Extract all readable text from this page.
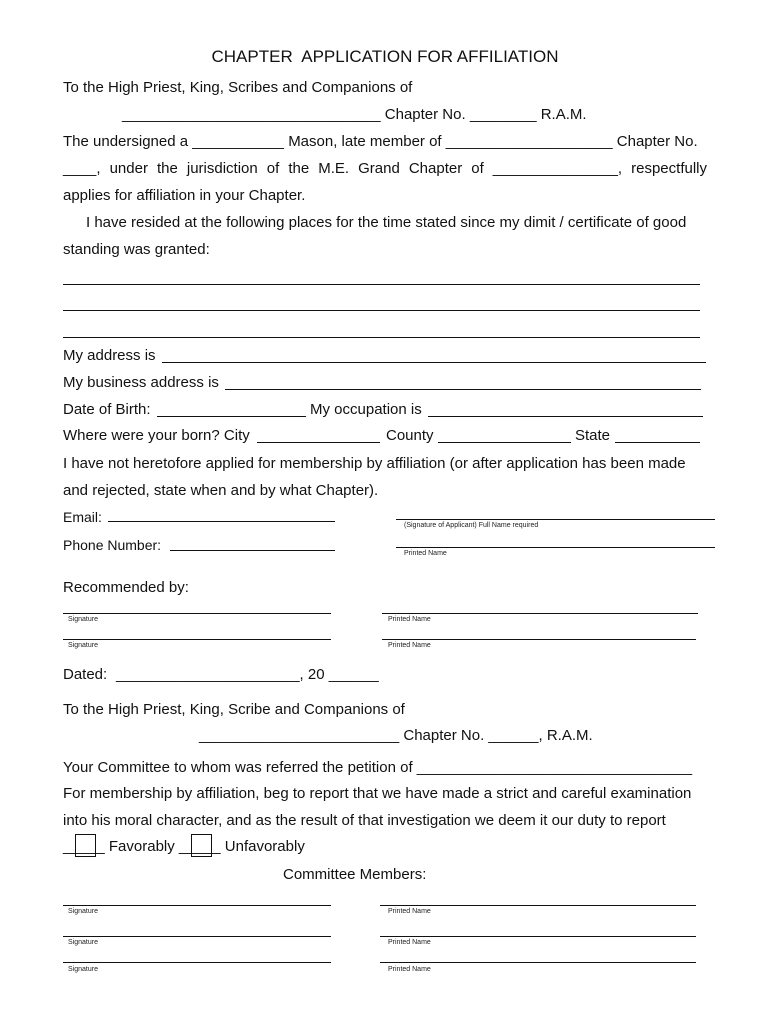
CHAPTER  APPLICATION FOR AFFILIATION
To the High Priest, King, Scribes and Companions of
_______________________________ Chapter No. ________ R.A.M.
The undersigned a ___________ Mason, late member of ____________________ Chapter No.
____, under the jurisdiction of the M.E. Grand Chapter of _______________, respectfully
applies for affiliation in your Chapter.
I have resided at the following places for the time stated since my dimit / certificate of good
standing was granted:
My address is
My business address is
Date of Birth:	My occupation is
Where were your born? City	County	State
I have not heretofore applied for membership by affiliation (or after application has been made
and rejected, state when and by what Chapter).
Email:
Phone Number:
(Signature of Applicant) Full Name required
Printed Name
Recommended by:
Signature	Printed Name
Signature	Printed Name
Dated: ______________________, 20 ______
To the High Priest, King, Scribe and Companions of
________________________ Chapter No. ______, R.A.M.
Your Committee to whom was referred the petition of _________________________________
For membership by affiliation, beg to report that we have made a strict and careful examination
into his moral character, and as the result of that investigation we deem it our duty to report
_____ Favorably _____ Unfavorably
Committee Members:
Signature	Printed Name
Signature	Printed Name
Signature	Printed Name
